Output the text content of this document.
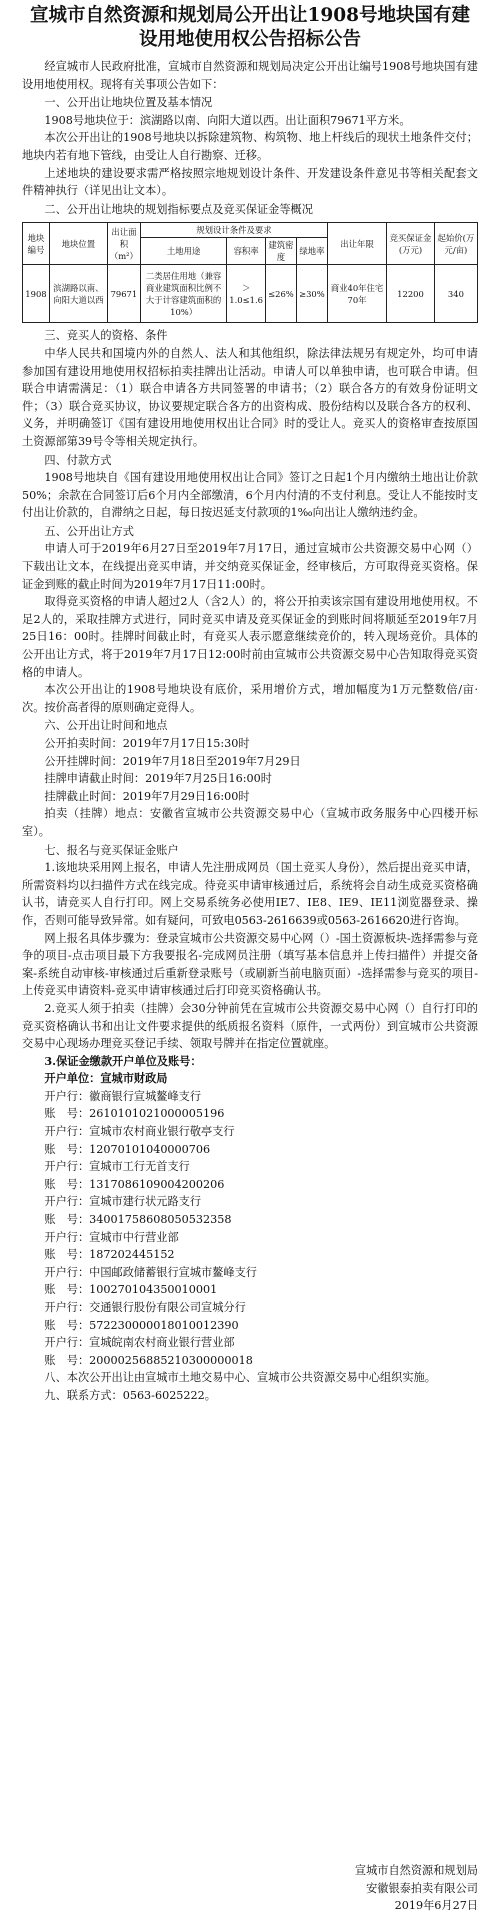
宣城市自然资源和规划局公开出让1908号地块国有建设用地使用权公告招标公告

经宣城市人民政府批准，宣城市自然资源和规划局决定公开出让编号1908号地块国有建设用地使用权。现将有关事项公告如下：

一、公开出让地块位置及基本情况

1908号地块位于：滨湖路以南、向阳大道以西。出让面积79671平方米。

本次公开出让的1908号地块以拆除建筑物、构筑物、地上杆线后的现状土地条件交付；地块内若有地下管线，由受让人自行勘察、迁移。

上述地块的建设要求需严格按照宗地规划设计条件、开发建设条件意见书等相关配套文件精神执行（详见出让文本）。

二、公开出让地块的规划指标要点及竞买保证金等概况

地块编号	地块位置	出让面积（m²）	规划设计条件及要求				出让年限	竞买保证金(万元)	起始价(万元/亩)
			土地用途	容积率	建筑密度	绿地率			
1908	滨湖路以南、向阳大道以西	79671	二类居住用地（兼容商业建筑面积比例不大于计容建筑面积的10%）	＞1.0≤1.6	≤26%	≥30%	商业40年住宅70年	12200	340

三、竞买人的资格、条件

中华人民共和国境内外的自然人、法人和其他组织，除法律法规另有规定外，均可申请参加国有建设用地使用权招标拍卖挂牌出让活动。申请人可以单独申请，也可联合申请。但联合申请需满足：（1）联合申请各方共同签署的申请书；（2）联合各方的有效身份证明文件；（3）联合竞买协议，协议要规定联合各方的出资构成、股份结构以及联合各方的权利、义务，并明确签订《国有建设用地使用权出让合同》时的受让人。竞买人的资格审查按原国土资源部第39号令等相关规定执行。

四、付款方式

1908号地块自《国有建设用地使用权出让合同》签订之日起1个月内缴纳土地出让价款50%；余款在合同签订后6个月内全部缴清，6个月内付清的不支付利息。受让人不能按时支付出让价款的，自滞纳之日起，每日按迟延支付款项的1‰向出让人缴纳违约金。

五、公开出让方式

申请人可于2019年6月27日至2019年7月17日，通过宣城市公共资源交易中心网（）下载出让文本，在线提出竞买申请，并交纳竞买保证金，经审核后，方可取得竞买资格。保证金到账的截止时间为2019年7月17日11:00时。

取得竞买资格的申请人超过2人（含2人）的，将公开拍卖该宗国有建设用地使用权。不足2人的，采取挂牌方式进行，同时竞买申请及竞买保证金的到账时间将顺延至2019年7月25日16：00时。挂牌时间截止时，有竞买人表示愿意继续竞价的，转入现场竞价。具体的公开出让方式，将于2019年7月17日12:00时前由宣城市公共资源交易中心告知取得竞买资格的申请人。

本次公开出让的1908号地块设有底价，采用增价方式，增加幅度为1万元整数倍/亩·次。按价高者得的原则确定竞得人。

六、公开出让时间和地点

公开拍卖时间：2019年7月17日15:30时

公开挂牌时间：2019年7月18日至2019年7月29日

挂牌申请截止时间：2019年7月25日16:00时

挂牌截止时间：2019年7月29日16:00时

拍卖（挂牌）地点：安徽省宣城市公共资源交易中心（宣城市政务服务中心四楼开标室）。

七、报名与竞买保证金账户

1.该地块采用网上报名，申请人先注册成网员（国土竞买人身份），然后提出竞买申请，所需资料均以扫描件方式在线完成。待竞买申请审核通过后，系统将会自动生成竞买资格确认书，请竞买人自行打印。网上交易系统务必使用IE7、IE8、IE9、IE11浏览器登录、操作，否则可能导致异常。如有疑问，可致电0563-2616639或0563-2616620进行咨询。

网上报名具体步骤为：登录宣城市公共资源交易中心网（）-国土资源板块-选择需参与竞争的项目-点击项目最下方我要报名-完成网员注册（填写基本信息并上传扫描件）并提交备案-系统自动审核-审核通过后重新登录账号（或刷新当前电脑页面）-选择需参与竞买的项目-上传竞买申请资料-竞买申请审核通过后打印竞买资格确认书。

2.竞买人须于拍卖（挂牌）会30分钟前凭在宣城市公共资源交易中心网（）自行打印的竞买资格确认书和出让文件要求提供的纸质报名资料（原件，一式两份）到宣城市公共资源交易中心现场办理竞买登记手续、领取号牌并在指定位置就座。

3.保证金缴款开户单位及账号：

开户单位：宣城市财政局

开户行：徽商银行宣城鳌峰支行

账　号：2610101021000005196

开户行：宣城市农村商业银行敬亭支行

账　号：12070101040000706

开户行：宣城市工行无首支行

账　号：1317086109004200206

开户行：宣城市建行状元路支行

账　号：34001758608050532358

开户行：宣城市中行营业部

账　号：187202445152

开户行：中国邮政储蓄银行宣城市鳌峰支行

账　号：100270104350010001

开户行：交通银行股份有限公司宣城分行

账　号：572230000018010012390

开户行：宣城皖南农村商业银行营业部

账　号：20000256885210300000018

八、本次公开出让由宣城市土地交易中心、宣城市公共资源交易中心组织实施。

九、联系方式：0563-6025222。

宣城市自然资源和规划局
安徽银泰拍卖有限公司
2019年6月27日
